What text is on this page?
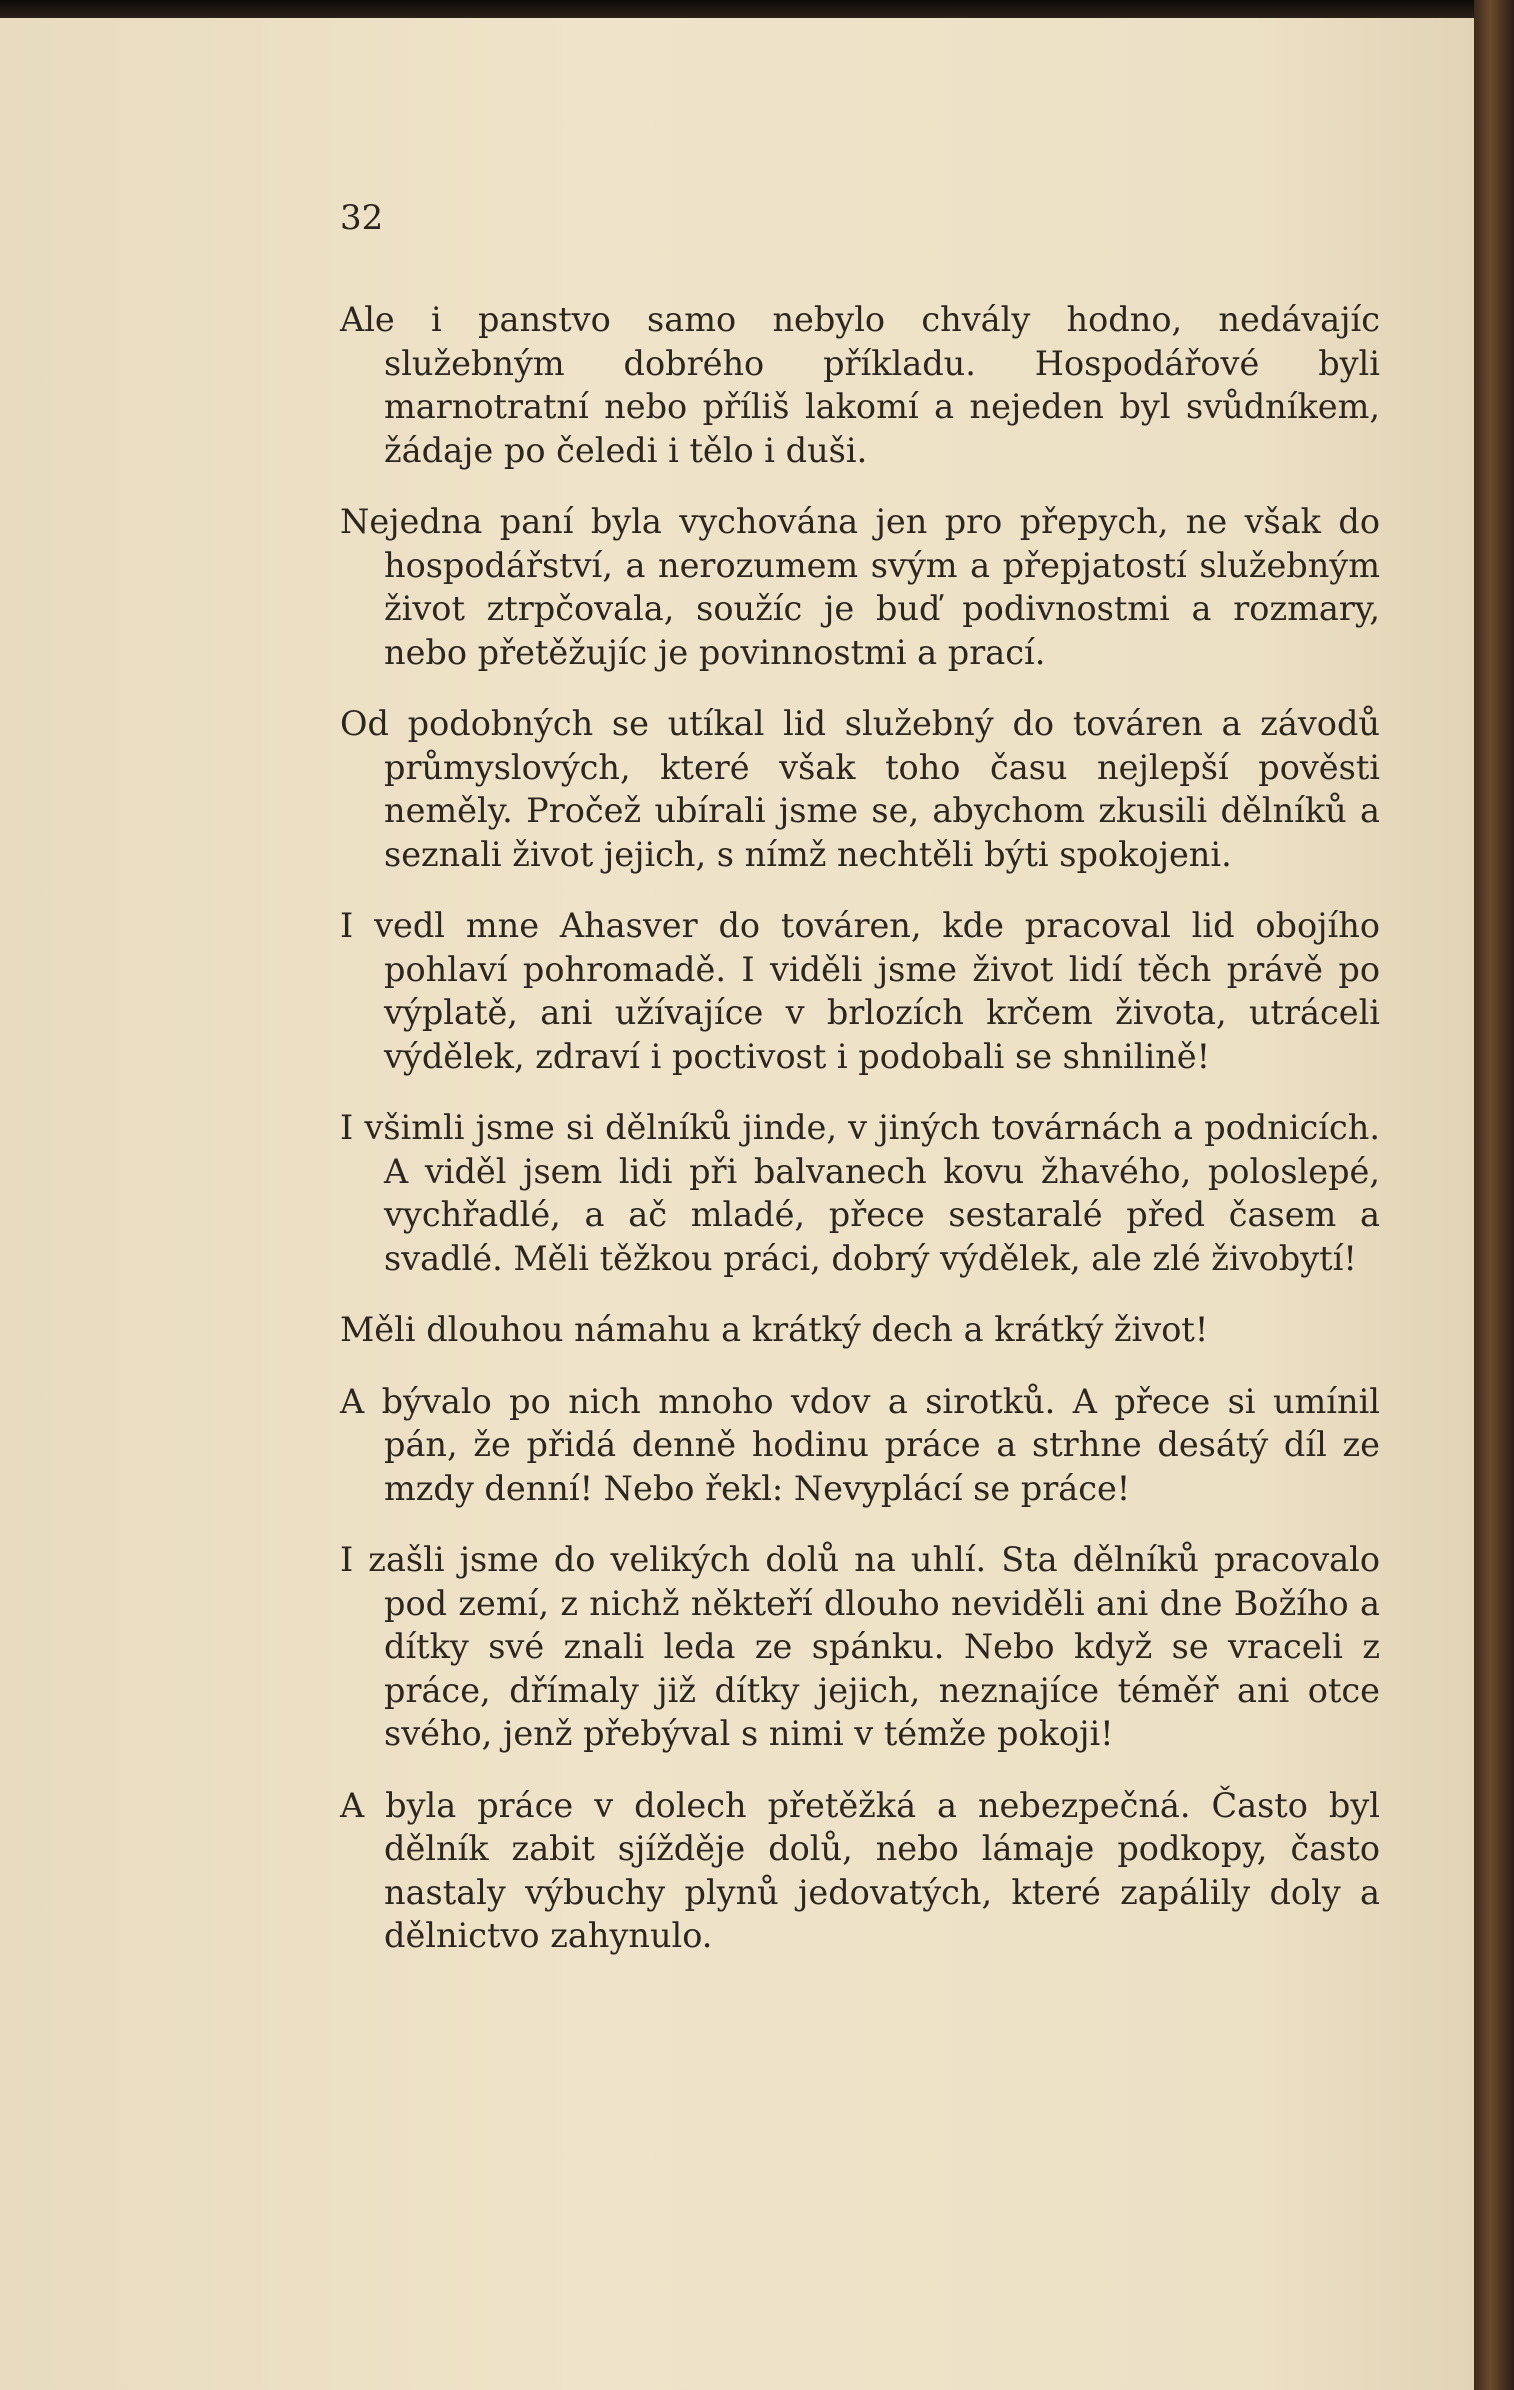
32

Ale i panstvo samo nebylo chvály hodno, nedávajíc služebným dobrého příkladu. Hospodářové byli marnotratní nebo příliš lakomí a nejeden byl svůdníkem, žádaje po čeledi i tělo i duši.

Nejedna paní byla vychována jen pro přepych, ne však do hospodářství, a nerozumem svým a přepjatostí služebným život ztrpčovala, soužíc je buď podivnostmi a rozmary, nebo přetěžujíc je povinnostmi a prací.

Od podobných se utíkal lid služebný do továren a závodů průmyslových, které však toho času nejlepší pověsti neměly. Pročež ubírali jsme se, abychom zkusili dělníků a seznali život jejich, s nímž nechtěli býti spokojeni.

I vedl mne Ahasver do továren, kde pracoval lid obojího pohlaví pohromadě. I viděli jsme život lidí těch právě po výplatě, ani užívajíce v brlozích krčem života, utráceli výdělek, zdraví i poctivost i podobali se shnilině!

I všimli jsme si dělníků jinde, v jiných továrnách a podnicích. A viděl jsem lidi při balvanech kovu žhavého, poloslepé, vychřadlé, a ač mladé, přece sestaralé před časem a svadlé. Měli těžkou práci, dobrý výdělek, ale zlé živobytí!

Měli dlouhou námahu a krátký dech a krátký život!

A bývalo po nich mnoho vdov a sirotků. A přece si umínil pán, že přidá denně hodinu práce a strhne desátý díl ze mzdy denní! Nebo řekl: Nevyplácí se práce!

I zašli jsme do velikých dolů na uhlí. Sta dělníků pracovalo pod zemí, z nichž někteří dlouho neviděli ani dne Božího a dítky své znali leda ze spánku. Nebo když se vraceli z práce, dřímaly již dítky jejich, neznajíce téměř ani otce svého, jenž přebýval s nimi v témže pokoji!

A byla práce v dolech přetěžká a nebezpečná. Často byl dělník zabit sjížděje dolů, nebo lámaje podkopy, často nastaly výbuchy plynů jedovatých, které zapálily doly a dělnictvo zahynulo.
